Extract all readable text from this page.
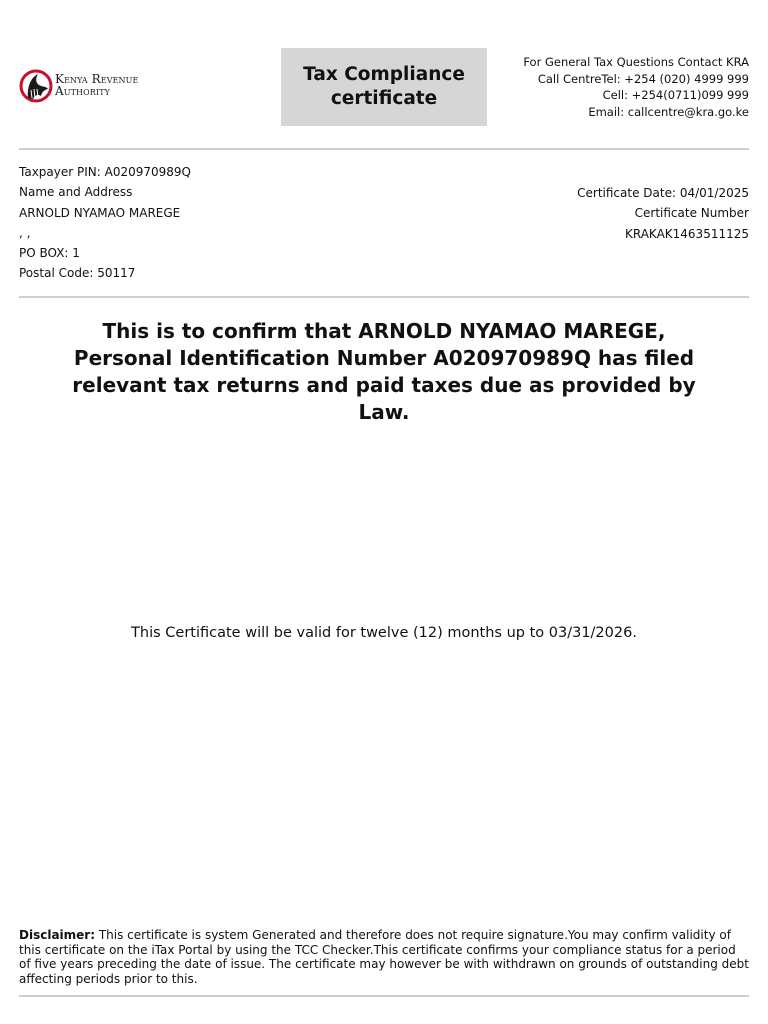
Kenya Revenue
Authority
Tax Compliance certificate
For General Tax Questions Contact KRA
Call CentreTel: +254 (020) 4999 999
Cell: +254(0711)099 999
Email: callcentre@kra.go.ke
Taxpayer PIN: A020970989Q
Name and Address
ARNOLD NYAMAO MAREGE
, ,
PO BOX: 1
Postal Code: 50117
Certificate Date: 04/01/2025
Certificate Number
KRAKAK1463511125
This is to confirm that ARNOLD NYAMAO MAREGE, Personal Identification Number A020970989Q has filed relevant tax returns and paid taxes due as provided by Law.
This Certificate will be valid for twelve (12) months up to 03/31/2026.
Disclaimer: This certificate is system Generated and therefore does not require signature.You may confirm validity of this certificate on the iTax Portal by using the TCC Checker.This certificate confirms your compliance status for a period of five years preceding the date of issue. The certificate may however be with withdrawn on grounds of outstanding debt affecting periods prior to this.
